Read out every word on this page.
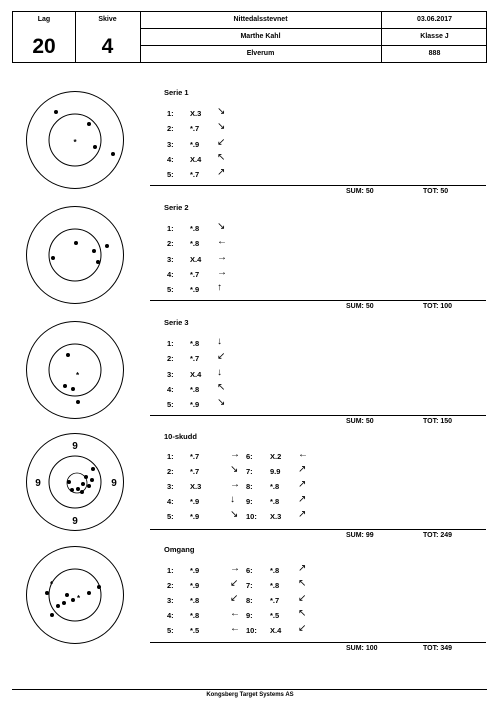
Lag
20
Skive
4
Nittedalsstevnet	03.06.2017
Marthe Kahl	Klasse J
Elverum	888
*
*
9
9
9	9
*
*
Serie 1
1: X.3 ↘
2: *.7 ↘
3: *.9 ↙
4: X.4 ↖
5: *.7 ↗
SUM: 50	TOT: 50
Serie 2
1: *.8 ↘
2: *.8 ←
3: X.4 →
4: *.7 →
5: *.9 ↑
SUM: 50	TOT: 100
Serie 3
1: *.8 ↓
2: *.7 ↙
3: X.4 ↓
4: *.8 ↖
5: *.9 ↘
SUM: 50	TOT: 150
10-skudd
1: *.7	→
2: *.7	↘
3: X.3	→
4: *.9	↓
5: *.9	↘
6: X.2 ←
7: 9.9 ↗
8: *.8 ↗
9: *.8 ↗
10: X.3 ↗
SUM: 99	TOT: 249
Omgang
1: *.9	→
2: *.9	↙
3: *.8	↙
4: *.8	←
5: *.5	←
6: *.8 ↗
7: *.8 ↖
8: *.7 ↙
9: *.5 ↖
10: X.4 ↙
SUM: 100	TOT: 349
Kongsberg Target Systems AS
